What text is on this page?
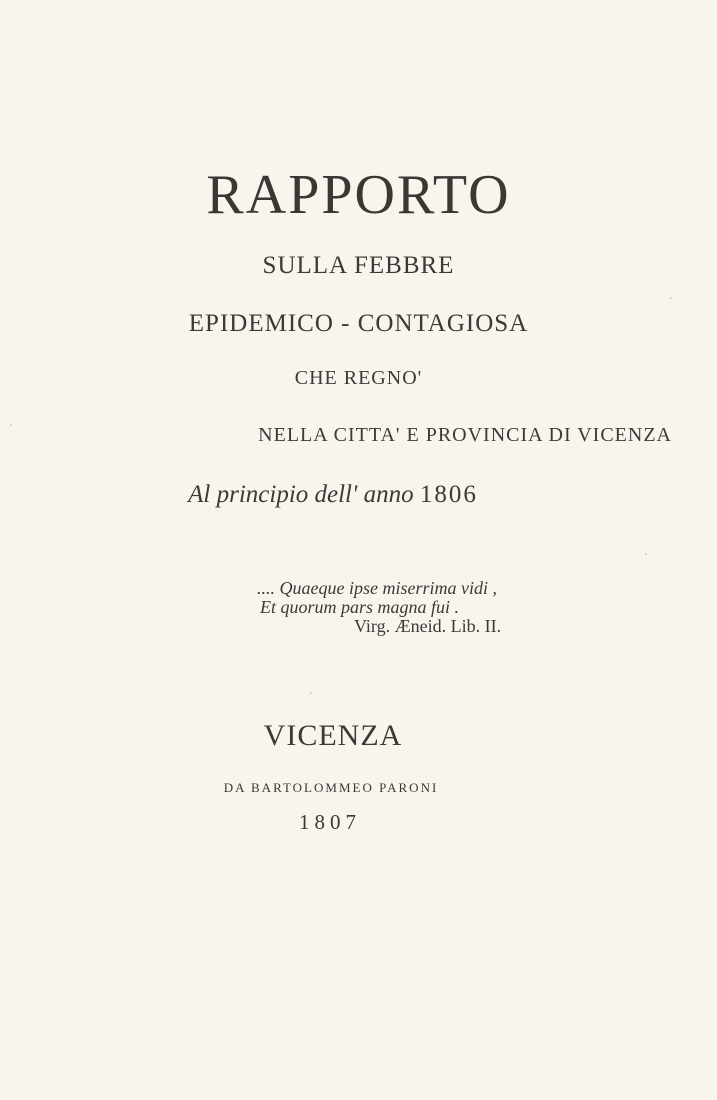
RAPPORTO
SULLA FEBBRE
EPIDEMICO - CONTAGIOSA
CHE REGNO'
NELLA CITTA' E PROVINCIA DI VICENZA
Al principio dell' anno 1806
.... Quaeque ipse miserrima vidi ,
Et quorum pars magna fui .
Virg. Æneid. Lib. II.
VICENZA
DA BARTOLOMMEO PARONI
1807
